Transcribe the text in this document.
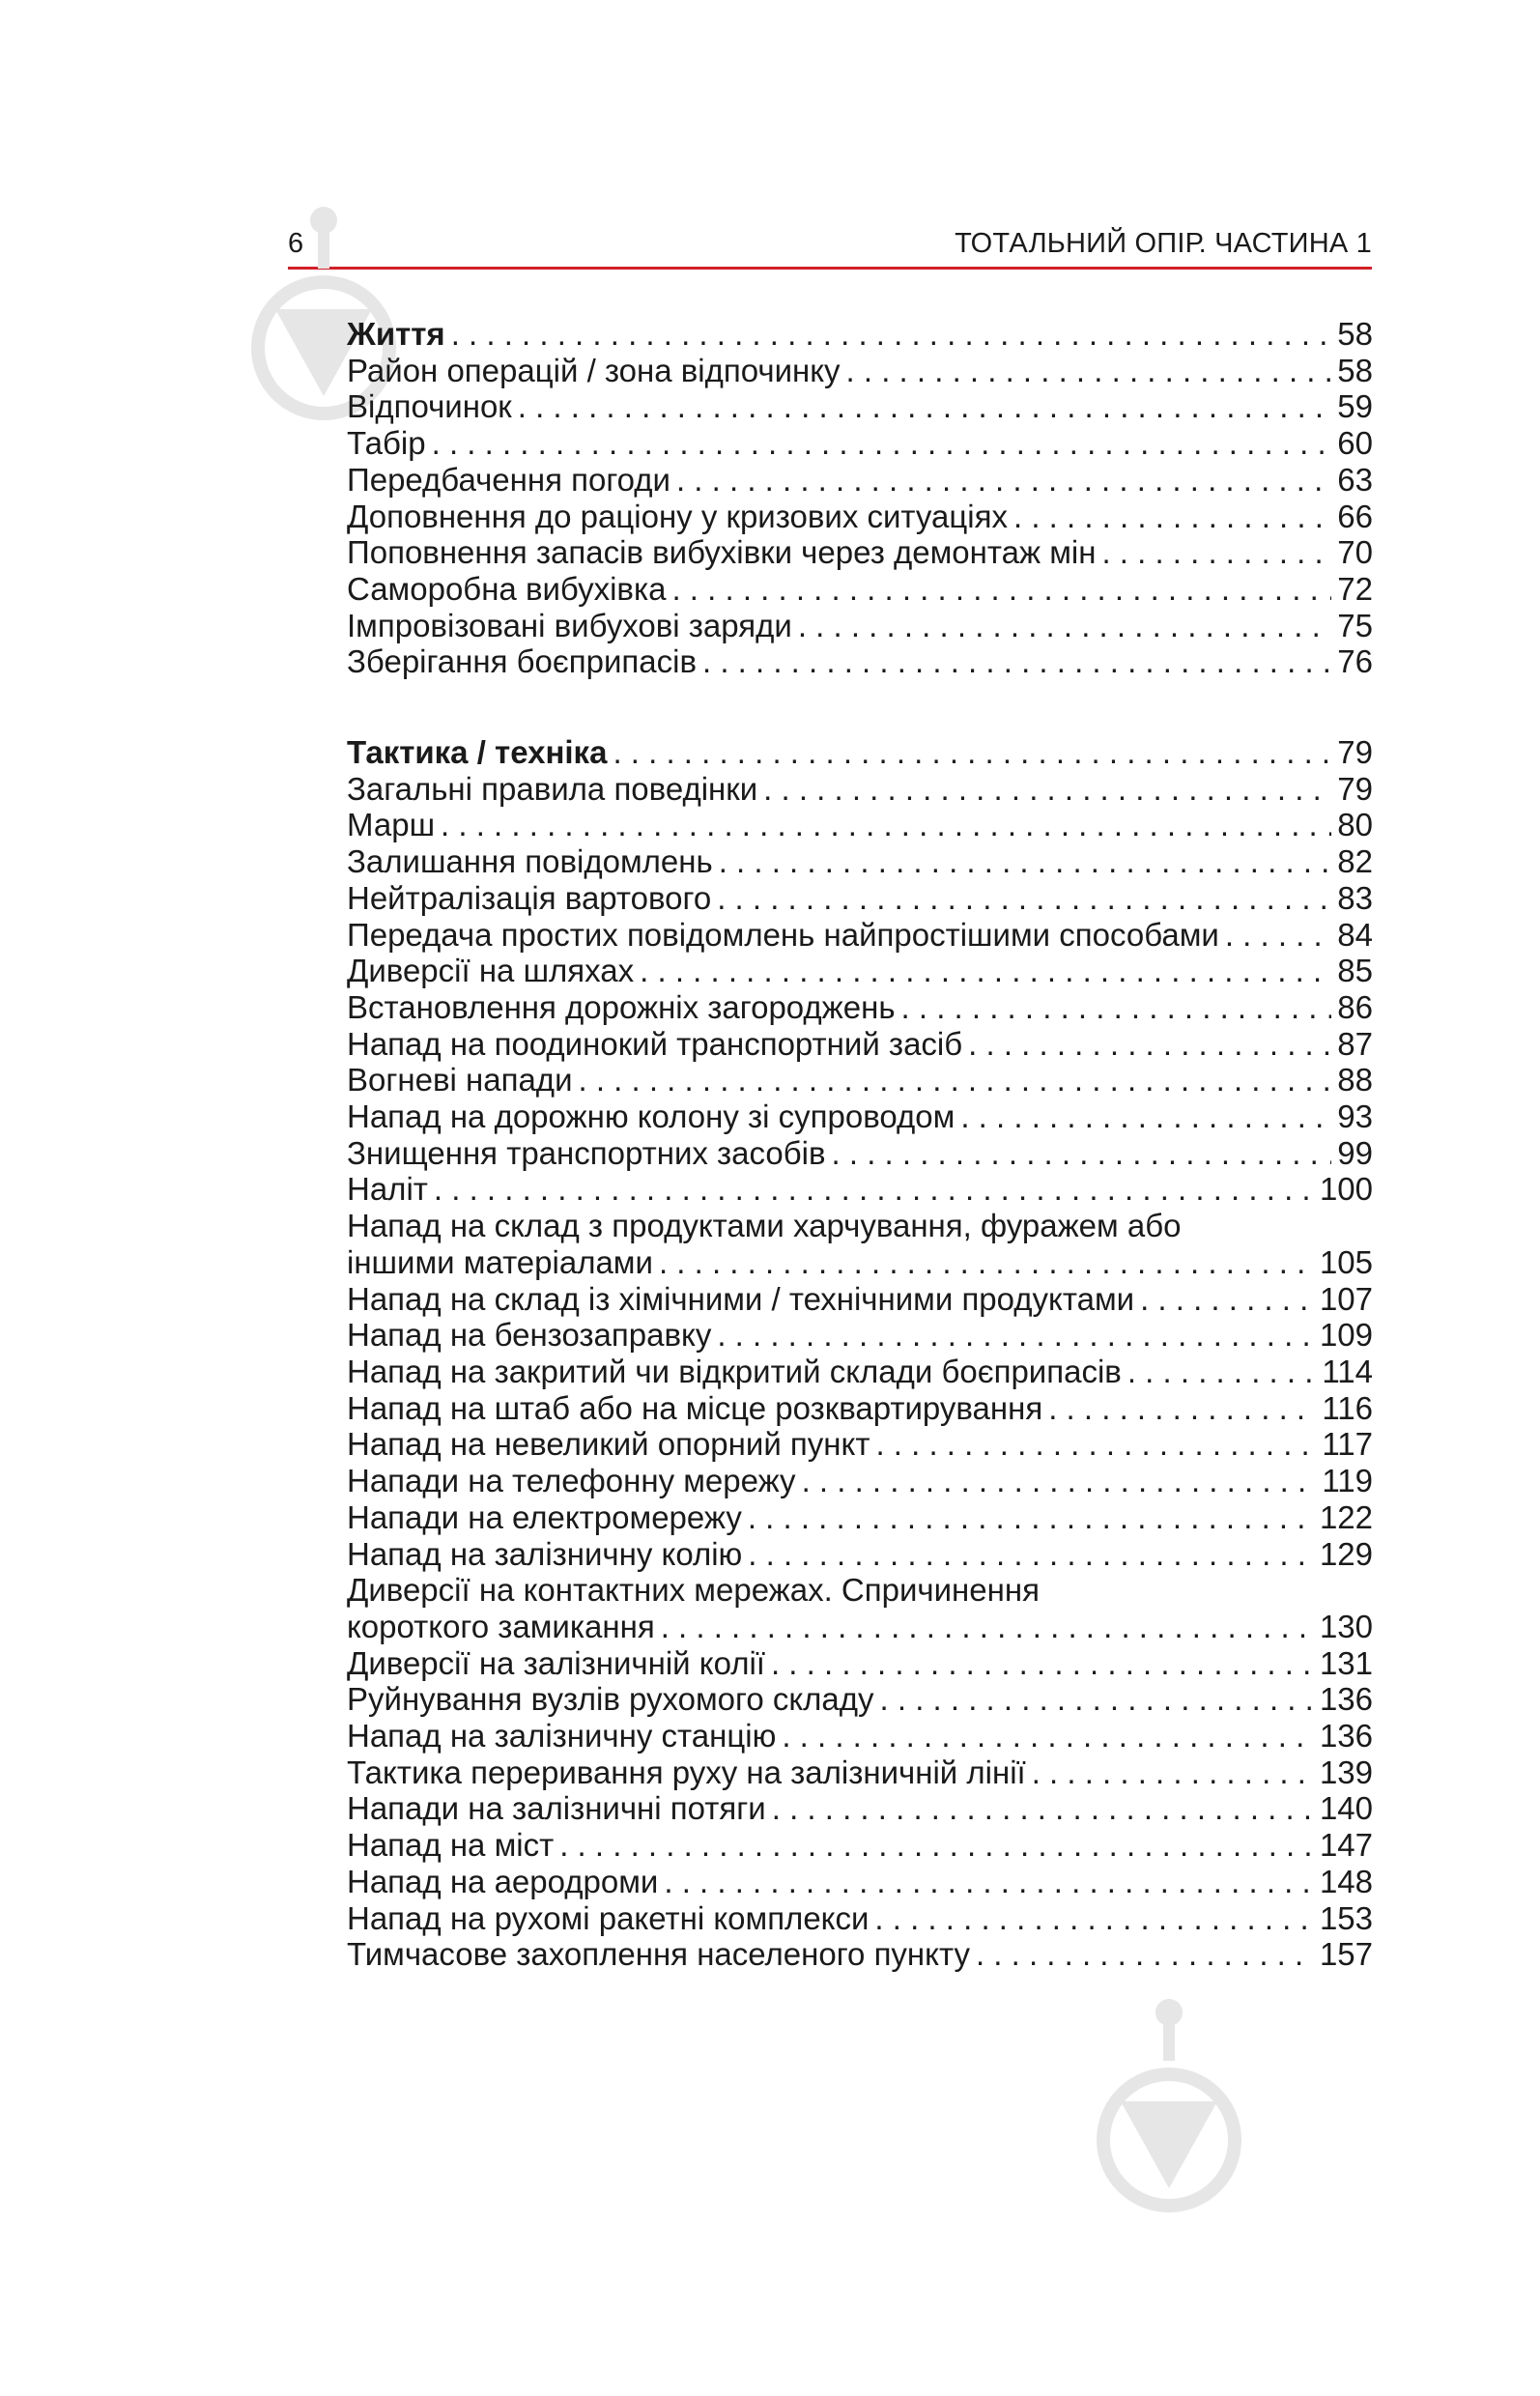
6	ТОТАЛЬНИЙ ОПІР. ЧАСТИНА 1
Життя . . .	58
Район операцій / зона відпочинку . . .	58
Відпочинок . . .	59
Табір . . .	60
Передбачення погоди . . .	63
Доповнення до раціону у кризових ситуаціях . . .	66
Поповнення запасів вибухівки через демонтаж мін . . .	70
Саморобна вибухівка . . .	72
Імпровізовані вибухові заряди . . .	75
Зберігання боєприпасів . . .	76
Тактика / техніка . . .	79
Загальні правила поведінки . . .	79
Марш . . .	80
Залишання повідомлень . . .	82
Нейтралізація вартового . . .	83
Передача простих повідомлень найпростішими способами . . .	84
Диверсії на шляхах . . .	85
Встановлення дорожніх загороджень . . .	86
Напад на поодинокий транспортний засіб . . .	87
Вогневі напади . . .	88
Напад на дорожню колону зі супроводом . . .	93
Знищення транспортних засобів . . .	99
Наліт . . .	100
Напад на склад з продуктами харчування, фуражем або
іншими матеріалами . . .	105
Напад на склад із хімічними / технічними продуктами . . .	107
Напад на бензозаправку . . .	109
Напад на закритий чи відкритий склади боєприпасів . . .	114
Напад на штаб або на місце розквартирування . . .	116
Напад на невеликий опорний пункт . . .	117
Напади на телефонну мережу . . .	119
Напади на електромережу . . .	122
Напад на залізничну колію . . .	129
Диверсії на контактних мережах. Спричинення
короткого замикання . . .	130
Диверсії на залізничній колії . . .	131
Руйнування вузлів рухомого складу . . .	136
Напад на залізничну станцію . . .	136
Тактика переривання руху на залізничній лінії . . .	139
Напади на залізничні потяги . . .	140
Напад на міст . . .	147
Напад на аеродроми . . .	148
Напад на рухомі ракетні комплекси . . .	153
Тимчасове захоплення населеного пункту . . .	157
